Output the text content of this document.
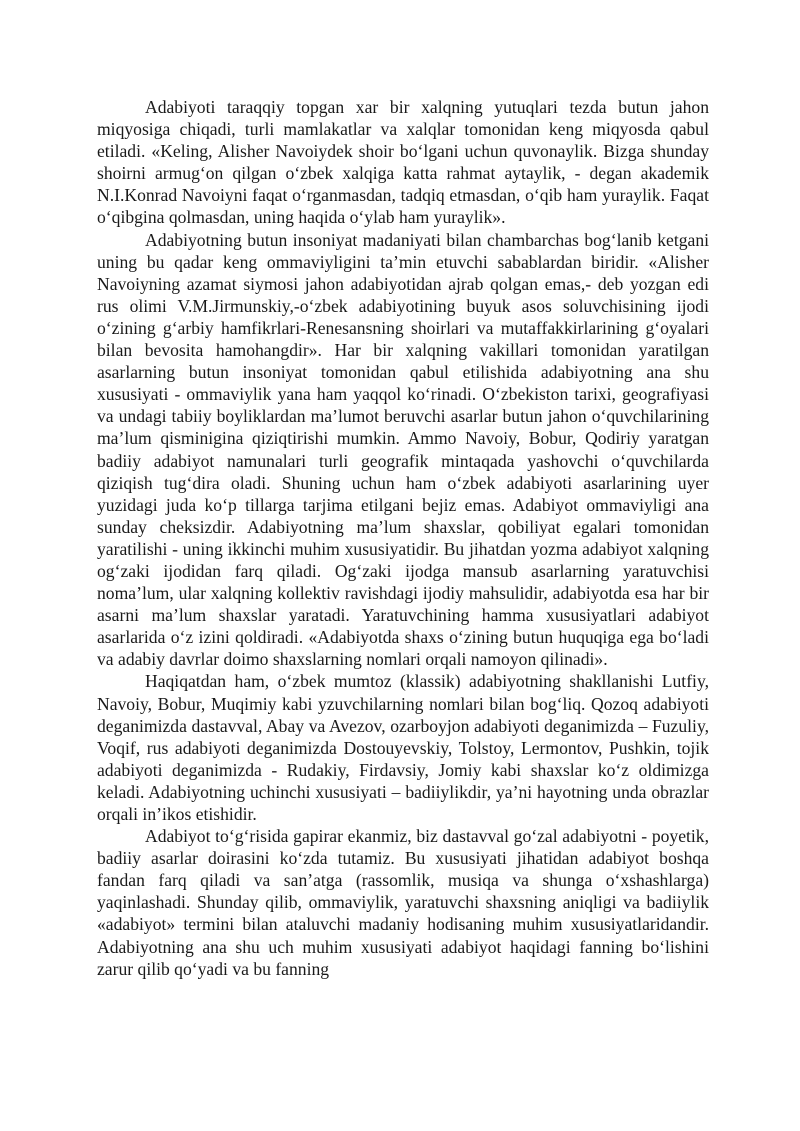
Adabiyoti taraqqiy topgan xar bir xalqning yutuqlari tezda butun jahon miqyosiga chiqadi, turli mamlakatlar va xalqlar tomonidan keng miqyosda qabul etiladi. «Keling, Alisher Navoiydek shoir boʻlgani uchun quvonaylik. Bizga shunday shoirni armugʻon qilgan oʻzbek xalqiga katta rahmat aytaylik, - degan akademik N.I.Konrad Navoiyni faqat oʻrganmasdan, tadqiq etmasdan, oʻqib ham yuraylik. Faqat oʻqibgina qolmasdan, uning haqida oʻylab ham yuraylik».

Adabiyotning butun insoniyat madaniyati bilan chambarchas bogʻlanib ketgani uning bu qadar keng ommaviyligini taʼmin etuvchi sabablardan biridir. «Alisher Navoiyning azamat siymosi jahon adabiyotidan ajrab qolgan emas,- deb yozgan edi rus olimi V.M.Jirmunskiy,-oʻzbek adabiyotining buyuk asos soluvchisining ijodi oʻzining gʻarbiy hamfikrlari-Renesansning shoirlari va mutaffakkirlarining gʻoyalari bilan bevosita hamohangdir». Har bir xalqning vakillari tomonidan yaratilgan asarlarning butun insoniyat tomonidan qabul etilishida adabiyotning ana shu xususiyati - ommaviylik yana ham yaqqol koʻrinadi. Oʻzbekiston tarixi, geografiyasi va undagi tabiiy boyliklardan maʼlumot beruvchi asarlar butun jahon oʻquvchilarining maʼlum qisminigina qiziqtirishi mumkin. Ammo Navoiy, Bobur, Qodiriy yaratgan badiiy adabiyot namunalari turli geografik mintaqada yashovchi oʻquvchilarda qiziqish tugʻdira oladi. Shuning uchun ham oʻzbek adabiyoti asarlarining uyer yuzidagi juda koʻp tillarga tarjima etilgani bejiz emas. Adabiyot ommaviyligi ana sunday cheksizdir. Adabiyotning maʼlum shaxslar, qobiliyat egalari tomonidan yaratilishi - uning ikkinchi muhim xususiyatidir. Bu jihatdan yozma adabiyot xalqning ogʻzaki ijodidan farq qiladi. Ogʻzaki ijodga mansub asarlarning yaratuvchisi nomaʼlum, ular xalqning kollektiv ravishdagi ijodiy mahsulidir, adabiyotda esa har bir asarni maʼlum shaxslar yaratadi. Yaratuvchining hamma xususiyatlari adabiyot asarlarida oʻz izini qoldiradi. «Adabiyotda shaxs oʻzining butun huquqiga ega boʻladi va adabiy davrlar doimo shaxslarning nomlari orqali namoyon qilinadi».

Haqiqatdan ham, oʻzbek mumtoz (klassik) adabiyotning shakllanishi Lutfiy, Navoiy, Bobur, Muqimiy kabi yzuvchilarning nomlari bilan bogʻliq. Qozoq adabiyoti deganimizda dastavval, Abay va Avezov, ozarboyjon adabiyoti deganimizda – Fuzuliy, Voqif, rus adabiyoti deganimizda Dostouyevskiy, Tolstoy, Lermontov, Pushkin, tojik adabiyoti deganimizda - Rudakiy, Firdavsiy, Jomiy kabi shaxslar koʻz oldimizga keladi. Adabiyotning uchinchi xususiyati – badiiylikdir, yaʼni hayotning unda obrazlar orqali inʼikos etishidir.

Adabiyot toʻgʻrisida gapirar ekanmiz, biz dastavval goʻzal adabiyotni - poyetik, badiiy asarlar doirasini koʻzda tutamiz. Bu xususiyati jihatidan adabiyot boshqa fandan farq qiladi va sanʼatga (rassomlik, musiqa va shunga oʻxshashlarga) yaqinlashadi. Shunday qilib, ommaviylik, yaratuvchi shaxsning aniqligi va badiiylik «adabiyot» termini bilan ataluvchi madaniy hodisaning muhim xususiyatlaridandir. Adabiyotning ana shu uch muhim xususiyati adabiyot haqidagi fanning boʻlishini zarur qilib qoʻyadi va bu fanning
